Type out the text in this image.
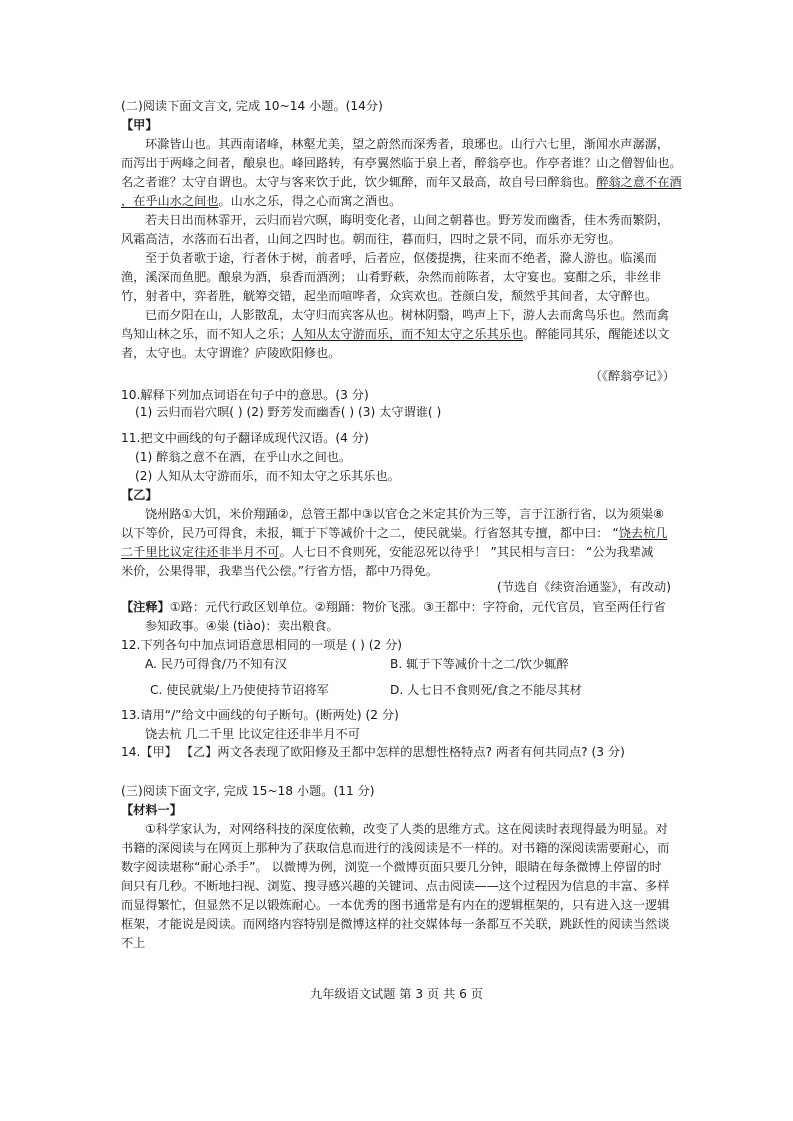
(二)阅读下面文言文, 完成 10~14 小题。(14分)
【甲】
环滁皆山也。其西南诸峰，林壑尤美，望之蔚然而深秀者，琅琊也。山行六七里，渐闻水声潺潺，
而泻出于两峰之间者，酿泉也。峰回路转，有亭翼然临于泉上者，醉翁亭也。作亭者谁？山之僧智仙也。
名之者谁？太守自谓也。太守与客来饮于此，饮少辄醉，而年又最高，故自号曰醉翁也。醉翁之意不在酒
，在乎山水之间也。山水之乐，得之心而寓之酒也。
若夫日出而林霏开，云归而岩穴暝，晦明变化者，山间之朝暮也。野芳发而幽香，佳木秀而繁阴，
风霜高洁，水落而石出者，山间之四时也。朝而往，暮而归，四时之景不同，而乐亦无穷也。
至于负者歌于途，行者休于树，前者呼，后者应，伛偻提携，往来而不绝者，滁人游也。临溪而
渔，溪深而鱼肥。酿泉为酒，泉香而酒洌； 山肴野蔌，杂然而前陈者，太守宴也。宴酣之乐，非丝非
竹，射者中，弈者胜，觥筹交错，起坐而喧哗者，众宾欢也。苍颜白发，颓然乎其间者，太守醉也。
已而夕阳在山，人影散乱，太守归而宾客从也。树林阴翳，鸣声上下，游人去而禽鸟乐也。然而禽
鸟知山林之乐，而不知人之乐；人知从太守游而乐，而不知太守之乐其乐也。醉能同其乐，醒能述以文
者，太守也。太守谓谁？庐陵欧阳修也。
（《醉翁亭记》）
10.解释下列加点词语在句子中的意思。(3 分)
(1) 云归而岩穴暝( ) (2) 野芳发而幽香( ) (3) 太守谓谁( )
11.把文中画线的句子翻译成现代汉语。(4 分)
(1) 醉翁之意不在酒，在乎山水之间也。
(2) 人知从太守游而乐，而不知太守之乐其乐也。
【乙】
饶州路①大饥，米价翔踊②，总管王都中③以官仓之米定其价为三等，言于江浙行省，以为须粜⑧
以下等价，民乃可得食，未报，辄于下等减价十之二，使民就粜。行省怒其专擅，都中曰： “饶去杭几
二千里比议定往还非半月不可。人七日不食则死，安能忍死以待乎！ ”其民相与言曰： “公为我辈减
米价，公果得罪，我辈当代公偿。”行省方悟，都中乃得免。
(节选自《续资治通鉴》，有改动)
【注释】①路：元代行政区划单位。②翔踊：物价飞涨。③王都中：字符俞，元代官员，官至两任行省
参知政事。④粜 (tiào)：卖出粮食。
12.下列各句中加点词语意思相同的一项是 ( ) (2 分)
A. 民乃可得食/乃不知有汉	B. 辄于下等减价十之二/饮少辄醉
C. 使民就粜/上乃使使持节诏将军	D. 人七日不食则死/食之不能尽其材
13.请用“/”给文中画线的句子断句。(断两处) (2 分)
饶去杭 几二千里 比议定往还非半月不可
14.【甲】 【乙】两文各表现了欧阳修及王都中怎样的思想性格特点? 两者有何共同点? (3 分)
(三)阅读下面文字, 完成 15~18 小题。(11 分)
【材料一】
①科学家认为，对网络科技的深度依赖，改变了人类的思维方式。这在阅读时表现得最为明显。对
书籍的深阅读与在网页上那种为了获取信息而进行的浅阅读是不一样的。对书籍的深阅读需要耐心，而
数字阅读堪称“耐心杀手”。 以微博为例，浏览一个微博页面只要几分钟，眼睛在每条微博上停留的时
间只有几秒。不断地扫视、浏览、搜寻感兴趣的关键词、点击阅读——这个过程因为信息的丰富、多样
而显得繁忙，但显然不足以锻炼耐心。一本优秀的图书通常是有内在的逻辑框架的，只有进入这一逻辑
框架，才能说是阅读。而网络内容特别是微博这样的社交媒体每一条都互不关联，跳跃性的阅读当然谈
不上
九年级语文试题 第 3 页 共 6 页
